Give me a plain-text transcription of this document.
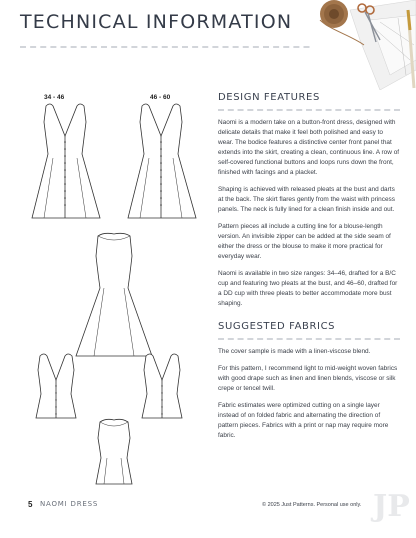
TECHNICAL INFORMATION
34 - 46	46 - 60	DESIGN FEATURES

Naomi is a modern take on a button-front dress, designed with delicate details that make it feel both polished and easy to wear. The bodice features a distinctive center front panel that extends into the skirt, creating a clean, continuous line. A row of self-covered functional buttons and loops runs down the front, finished with facings and a placket.

Shaping is achieved with released pleats at the bust and darts at the back. The skirt flares gently from the waist with princess panels. The neck is fully lined for a clean finish inside and out.

Pattern pieces all include a cutting line for a blouse-length version. An invisible zipper can be added at the side seam of either the dress or the blouse to make it more practical for everyday wear.

Naomi is available in two size ranges: 34–46, drafted for a B/C cup and featuring two pleats at the bust, and 46–60, drafted for a DD cup with three pleats to better accommodate more bust shaping.

SUGGESTED FABRICS

The cover sample is made with a linen-viscose blend.

For this pattern, I recommend light to mid-weight woven fabrics with good drape such as linen and linen blends, viscose or silk crepe or tencel twill.

Fabric estimates were optimized cutting on a single layer instead of on folded fabric and alternating the direction of pattern pieces. Fabrics with a print or nap may require more fabric.

5 NAOMI DRESS	© 2025 Just Patterns. Personal use only. JP
